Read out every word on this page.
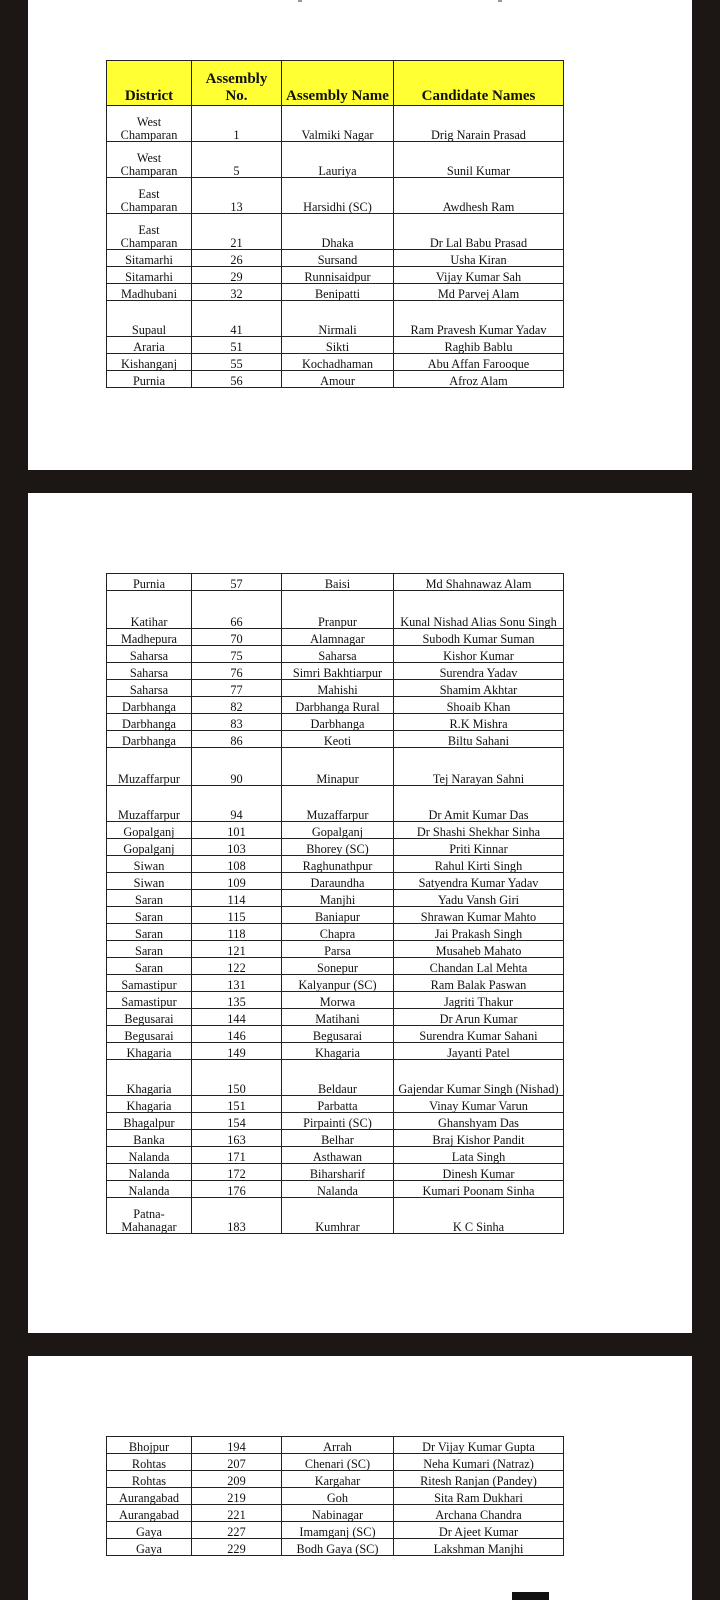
District	Assembly No.	Assembly Name	Candidate Names
West Champaran	1	Valmiki Nagar	Drig Narain Prasad
West Champaran	5	Lauriya	Sunil Kumar
East Champaran	13	Harsidhi (SC)	Awdhesh Ram
East Champaran	21	Dhaka	Dr Lal Babu Prasad
Sitamarhi	26	Sursand	Usha Kiran
Sitamarhi	29	Runnisaidpur	Vijay Kumar Sah
Madhubani	32	Benipatti	Md Parvej Alam
Supaul	41	Nirmali	Ram Pravesh Kumar Yadav
Araria	51	Sikti	Raghib Bablu
Kishanganj	55	Kochadhaman	Abu Affan Farooque
Purnia	56	Amour	Afroz Alam
Purnia	57	Baisi	Md Shahnawaz Alam
Katihar	66	Pranpur	Kunal Nishad Alias Sonu Singh
Madhepura	70	Alamnagar	Subodh Kumar Suman
Saharsa	75	Saharsa	Kishor Kumar
Saharsa	76	Simri Bakhtiarpur	Surendra Yadav
Saharsa	77	Mahishi	Shamim Akhtar
Darbhanga	82	Darbhanga Rural	Shoaib Khan
Darbhanga	83	Darbhanga	R.K Mishra
Darbhanga	86	Keoti	Biltu Sahani
Muzaffarpur	90	Minapur	Tej Narayan Sahni
Muzaffarpur	94	Muzaffarpur	Dr Amit Kumar Das
Gopalganj	101	Gopalganj	Dr Shashi Shekhar Sinha
Gopalganj	103	Bhorey (SC)	Priti Kinnar
Siwan	108	Raghunathpur	Rahul Kirti Singh
Siwan	109	Daraundha	Satyendra Kumar Yadav
Saran	114	Manjhi	Yadu Vansh Giri
Saran	115	Baniapur	Shrawan Kumar Mahto
Saran	118	Chapra	Jai Prakash Singh
Saran	121	Parsa	Musaheb Mahato
Saran	122	Sonepur	Chandan Lal Mehta
Samastipur	131	Kalyanpur (SC)	Ram Balak Paswan
Samastipur	135	Morwa	Jagriti Thakur
Begusarai	144	Matihani	Dr Arun Kumar
Begusarai	146	Begusarai	Surendra Kumar Sahani
Khagaria	149	Khagaria	Jayanti Patel
Khagaria	150	Beldaur	Gajendar Kumar Singh (Nishad)
Khagaria	151	Parbatta	Vinay Kumar Varun
Bhagalpur	154	Pirpainti (SC)	Ghanshyam Das
Banka	163	Belhar	Braj Kishor Pandit
Nalanda	171	Asthawan	Lata Singh
Nalanda	172	Biharsharif	Dinesh Kumar
Nalanda	176	Nalanda	Kumari Poonam Sinha
Patna- Mahanagar	183	Kumhrar	K C Sinha
Bhojpur	194	Arrah	Dr Vijay Kumar Gupta
Rohtas	207	Chenari (SC)	Neha Kumari (Natraz)
Rohtas	209	Kargahar	Ritesh Ranjan (Pandey)
Aurangabad	219	Goh	Sita Ram Dukhari
Aurangabad	221	Nabinagar	Archana Chandra
Gaya	227	Imamganj (SC)	Dr Ajeet Kumar
Gaya	229	Bodh Gaya (SC)	Lakshman Manjhi
